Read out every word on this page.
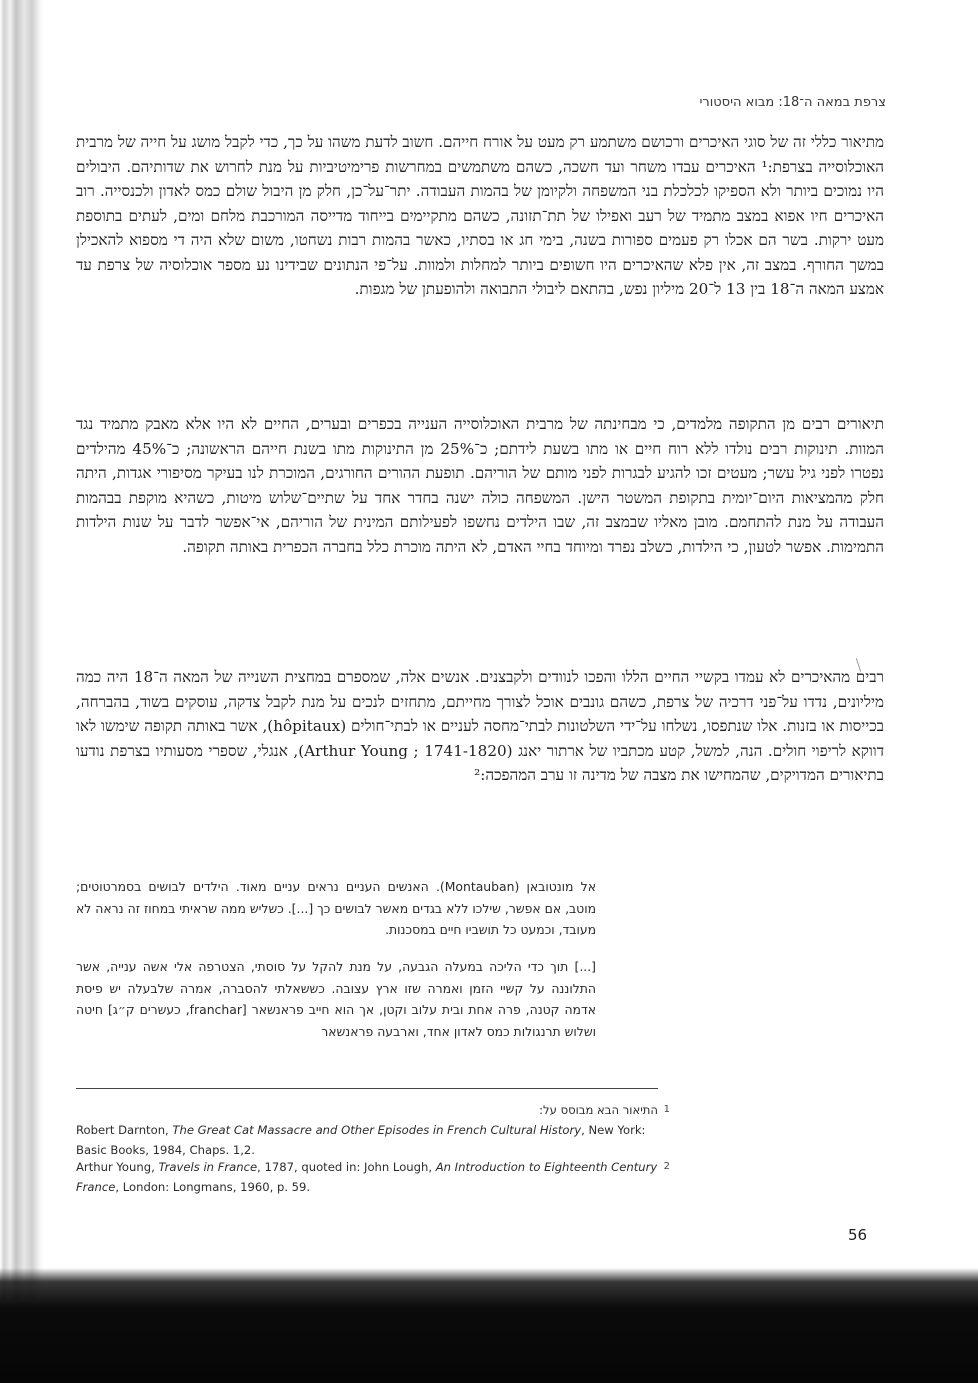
צרפת במאה ה־18: מבוא היסטורי

מתיאור כללי זה של סוגי האיכרים ורכושם משתמע רק מעט על אורח חייהם. חשוב לדעת משהו על כך, כדי לקבל מושג על חייה של מרבית האוכלוסייה בצרפת:¹ האיכרים עבדו משחר ועד חשכה, כשהם משתמשים במחרשות פרימיטיביות על מנת לחרוש את שדותיהם. היבולים היו נמוכים ביותר ולא הספיקו לכלכלת בני המשפחה ולקיומן של בהמות העבודה. יתר־על־כן, חלק מן היבול שולם כמס לאדון ולכנסייה. רוב האיכרים חיו אפוא במצב מתמיד של רעב ואפילו של תת־תזונה, כשהם מתקיימים בייחוד מדייסה המורכבת מלחם ומים, לעתים בתוספת מעט ירקות. בשר הם אכלו רק פעמים ספורות בשנה, בימי חג או בסתיו, כאשר בהמות רבות נשחטו, משום שלא היה די מספוא להאכילן במשך החורף. במצב זה, אין פלא שהאיכרים היו חשופים ביותר למחלות ולמוות. על־פי הנתונים שבידינו נע מספר אוכלוסיה של צרפת עד אמצע המאה ה־18 בין 13 ל־20 מיליון נפש, בהתאם ליבולי התבואה ולהופעתן של מגפות.

תיאורים רבים מן התקופה מלמדים, כי מבחינתה של מרבית האוכלוסייה הענייה בכפרים ובערים, החיים לא היו אלא מאבק מתמיד נגד המוות. תינוקות רבים נולדו ללא רוח חיים או מתו בשעת לידתם; כ־25% מן התינוקות מתו בשנת חייהם הראשונה; כ־45% מהילדים נפטרו לפני גיל עשר; מעטים זכו להגיע לבגרות לפני מותם של הוריהם. תופעת ההורים החורגים, המוכרת לנו בעיקר מסיפורי אגדות, היתה חלק מהמציאות היום־יומית בתקופת המשטר הישן. המשפחה כולה ישנה בחדר אחד על שתיים־שלוש מיטות, כשהיא מוקפת בבהמות העבודה על מנת להתחמם. מובן מאליו שבמצב זה, שבו הילדים נחשפו לפעילותם המינית של הוריהם, אי־אפשר לדבר על שנות הילדות התמימות. אפשר לטעון, כי הילדות, כשלב נפרד ומיוחד בחיי האדם, לא היתה מוכרת כלל בחברה הכפרית באותה תקופה.

רבים מהאיכרים לא עמדו בקשיי החיים הללו והפכו לנוודים ולקבצנים. אנשים אלה, שמספרם במחצית השנייה של המאה ה־18 היה כמה מיליונים, נדדו על־פני דרכיה של צרפת, כשהם גונבים אוכל לצורך מחייתם, מתחזים לנכים על מנת לקבל צדקה, עוסקים בשוד, בהברחה, בכייסות או בזנות. אלו שנתפסו, נשלחו על־ידי השלטונות לבתי־מחסה לעניים או לבתי־חולים (hôpitaux), אשר באותה תקופה שימשו לאו דווקא לריפוי חולים. הנה, למשל, קטע מכתביו של ארתור יאנג (Arthur Young ; 1741-1820), אנגלי, שספרי מסעותיו בצרפת נודעו בתיאורים המדויקים, שהמחישו את מצבה של מדינה זו ערב המהפכה:²

אל מונטובאן (Montauban). האנשים העניים נראים עניים מאוד. הילדים לבושים בסמרטוטים; מוטב, אם אפשר, שילכו ללא בגדים מאשר לבושים כך [...]. כשליש ממה שראיתי במחוז זה נראה לא מעובד, וכמעט כל תושביו חיים במסכנות.

[...] תוך כדי הליכה במעלה הגבעה, על מנת להקל על סוסתי, הצטרפה אלי אשה ענייה, אשר התלוננה על קשיי הזמן ואמרה שזו ארץ עצובה. כששאלתי להסברה, אמרה שלבעלה יש פיסת אדמה קטנה, פרה אחת ובית עלוב וקטן, אך הוא חייב פראנשאר [franchar, כעשרים ק״ג] חיטה ושלוש תרנגולות כמס לאדון אחד, וארבעה פראנשאר

1
התיאור הבא מבוסס על:
Robert Darnton, The Great Cat Massacre and Other Episodes in French Cultural History, New York: Basic Books, 1984, Chaps. 1,2.
2
Arthur Young, Travels in France, 1787, quoted in: John Lough, An Introduction to Eighteenth Century France, London: Longmans, 1960, p. 59.
56
